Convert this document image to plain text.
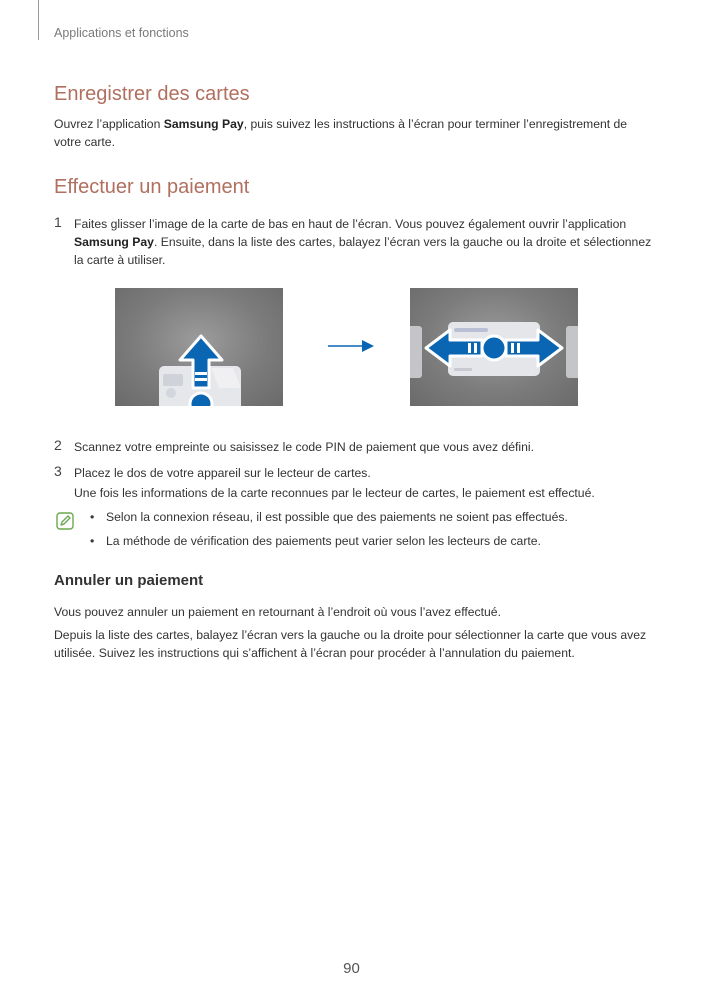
Applications et fonctions
Enregistrer des cartes
Ouvrez l’application Samsung Pay, puis suivez les instructions à l’écran pour terminer l’enregistrement de votre carte.
Effectuer un paiement
1 Faites glisser l’image de la carte de bas en haut de l’écran. Vous pouvez également ouvrir l’application Samsung Pay. Ensuite, dans la liste des cartes, balayez l’écran vers la gauche ou la droite et sélectionnez la carte à utiliser.
2 Scannez votre empreinte ou saisissez le code PIN de paiement que vous avez défini.
3 Placez le dos de votre appareil sur le lecteur de cartes.
Une fois les informations de la carte reconnues par le lecteur de cartes, le paiement est effectué.
• Selon la connexion réseau, il est possible que des paiements ne soient pas effectués.
• La méthode de vérification des paiements peut varier selon les lecteurs de carte.
Annuler un paiement
Vous pouvez annuler un paiement en retournant à l’endroit où vous l’avez effectué.
Depuis la liste des cartes, balayez l’écran vers la gauche ou la droite pour sélectionner la carte que vous avez utilisée. Suivez les instructions qui s’affichent à l’écran pour procéder à l’annulation du paiement.
90
